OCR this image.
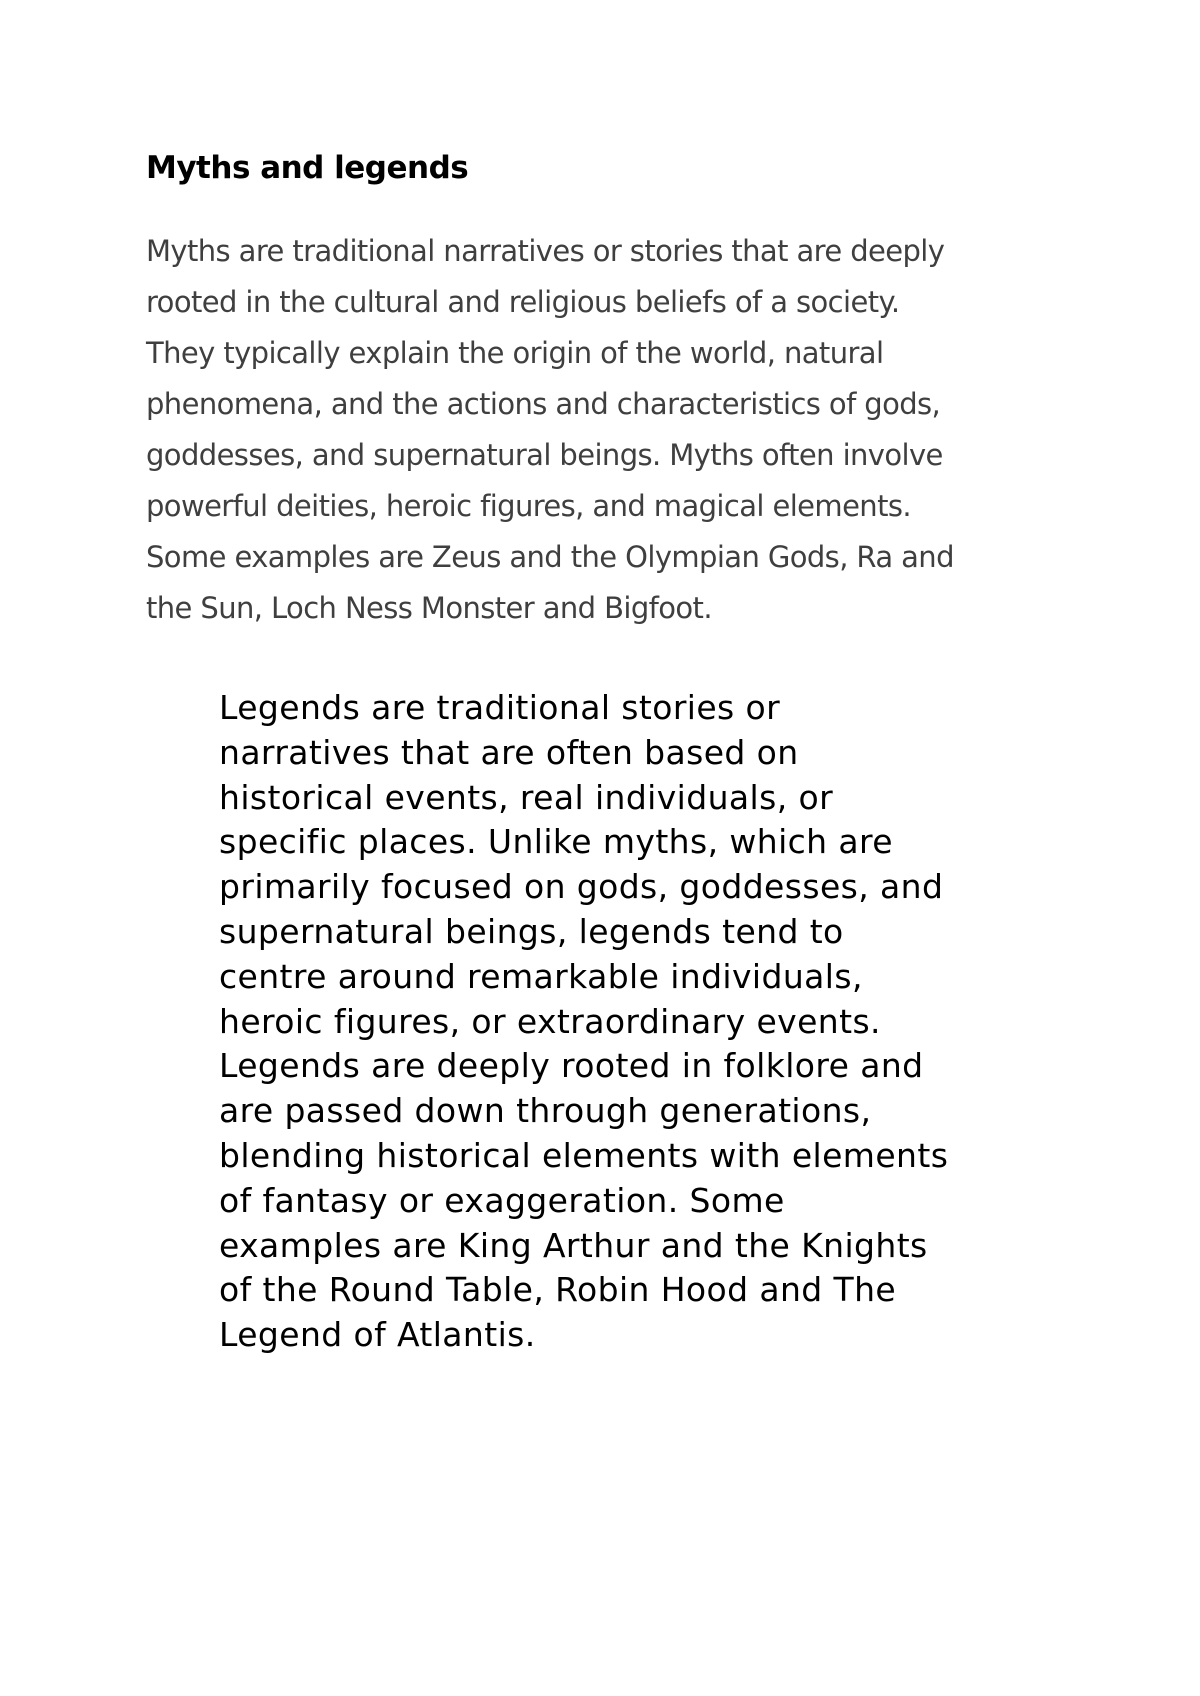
Myths and legends

Myths are traditional narratives or stories that are deeply
rooted in the cultural and religious beliefs of a society.
They typically explain the origin of the world, natural
phenomena, and the actions and characteristics of gods,
goddesses, and supernatural beings. Myths often involve
powerful deities, heroic figures, and magical elements.
Some examples are Zeus and the Olympian Gods, Ra and
the Sun, Loch Ness Monster and Bigfoot.

Legends are traditional stories or
narratives that are often based on
historical events, real individuals, or
specific places. Unlike myths, which are
primarily focused on gods, goddesses, and
supernatural beings, legends tend to
centre around remarkable individuals,
heroic figures, or extraordinary events.
Legends are deeply rooted in folklore and
are passed down through generations,
blending historical elements with elements
of fantasy or exaggeration. Some
examples are King Arthur and the Knights
of the Round Table, Robin Hood and The
Legend of Atlantis.
